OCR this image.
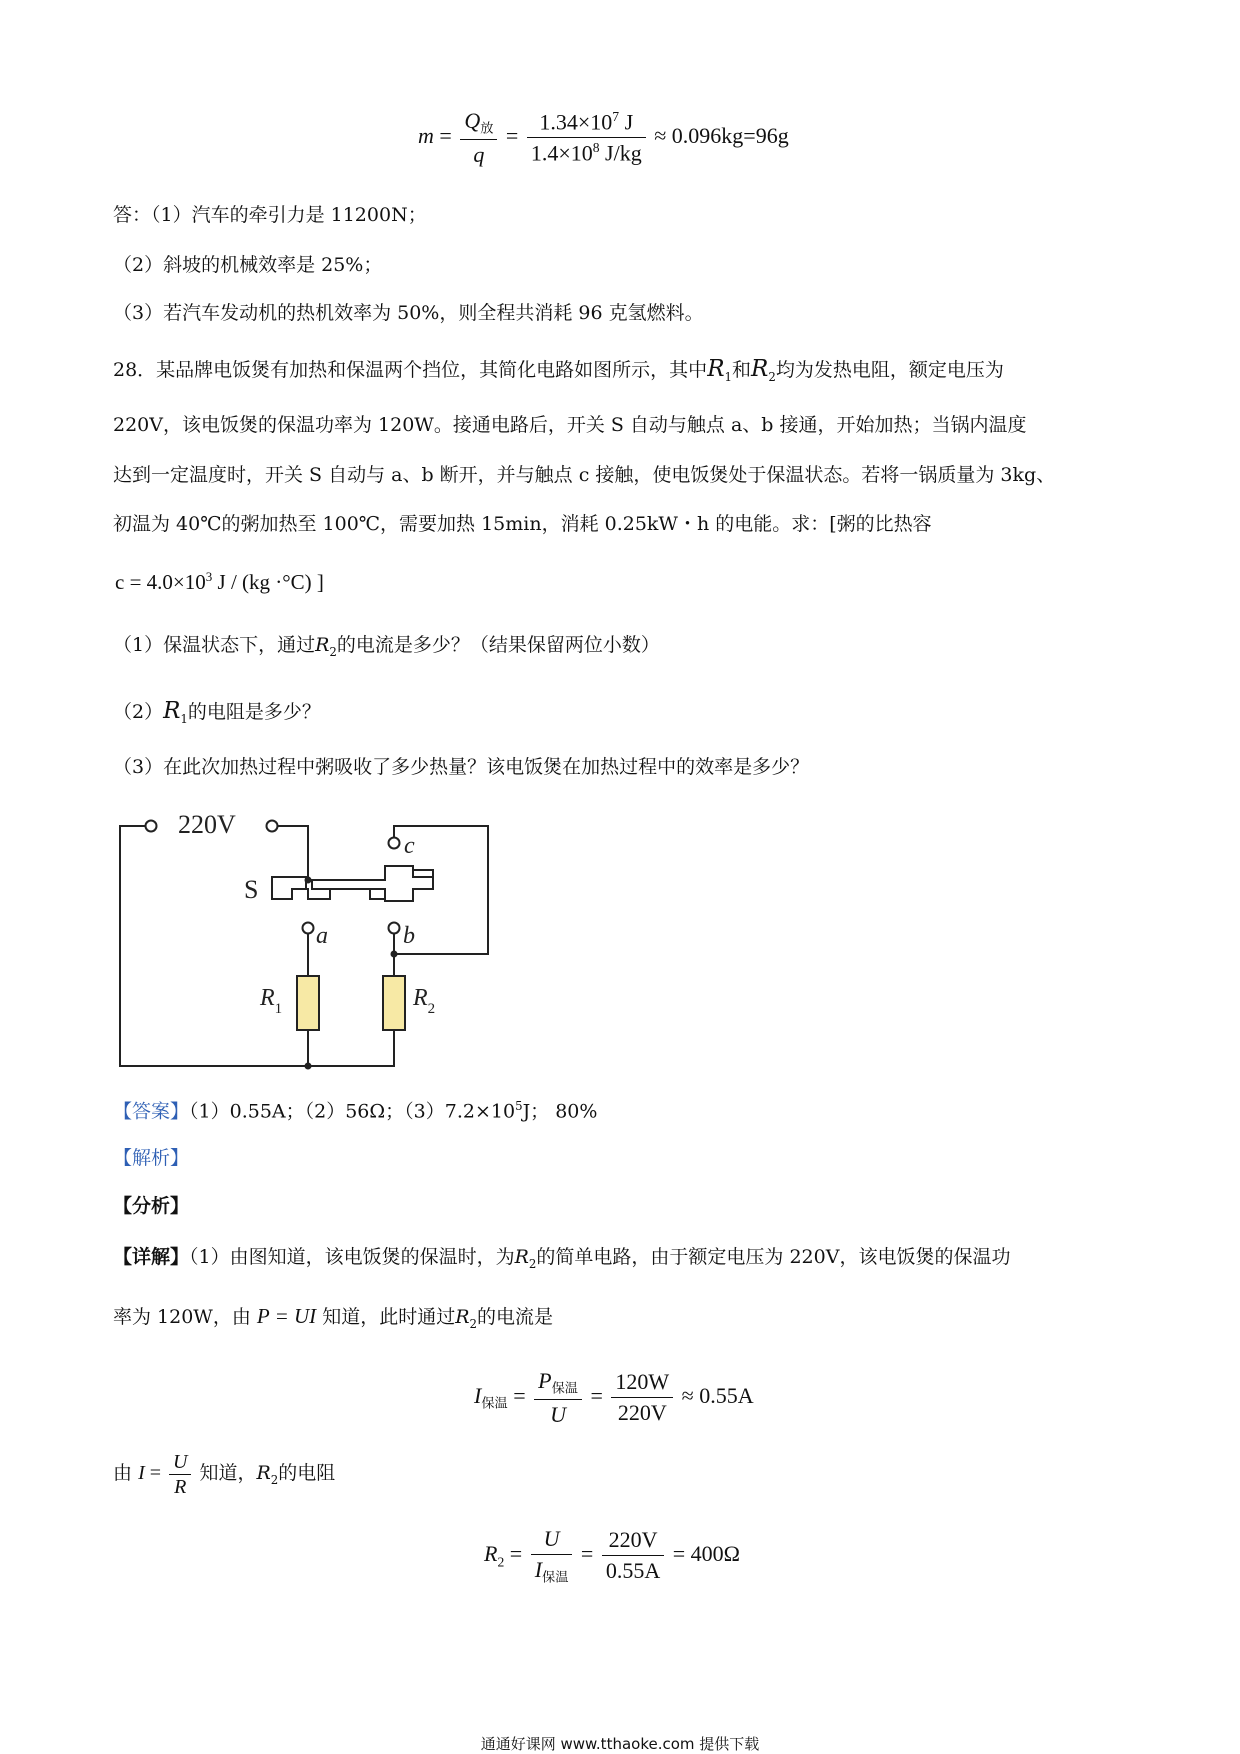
$m = \frac{Q_放}{q} = \frac{1.34\times 10^7 J}{1.4\times 10^8 J/kg} \approx 0.096kg=96g$
答：（1）汽车的牵引力是 11200N；
（2）斜坡的机械效率是 25%；
（3）若汽车发动机的热机效率为 50%，则全程共消耗 96 克氢燃料。
28．某品牌电饭煲有加热和保温两个挡位，其简化电路如图所示，其中$R_1$和$R_2$均为发热电阻，额定电压为
220V，该电饭煲的保温功率为 120W。接通电路后，开关 S 自动与触点 a、b 接通，开始加热；当锅内温度
达到一定温度时，开关 S 自动与 a、b 断开，并与触点 c 接触，使电饭煲处于保温状态。若将一锅质量为 3kg、
初温为 40℃的粥加热至 100℃，需要加热 15min，消耗 0.25kW・h 的电能。求：[粥的比热容
$c = 4.0\times 10^3$ J / (kg ·°C) ]
（1）保温状态下，通过$R_2$的电流是多少？（结果保留两位小数）
$(2)R_1$的电阻是多少？
（3）在此次加热过程中粥吸收了多少热量？该电饭煲在加热过程中的效率是多少？
220V
S
c
a	b
$R_1$	$R_2$
【答案】（1）0.55A；（2）56Ω；$(3)7.2\times 10^5J$； 80%
【解析】
【分析】
【详解】（1）由图知道，该电饭煲的保温时，为$R_2$的简单电路，由于额定电压为 220V，该电饭煲的保温功
率为 120W，由 P = UI 知道，此时通过$R_2$的电流是
$I_{保温} = \frac{P_{保温}}{U} = \frac{120W}{220V} \approx 0.55A$
由 $I = \frac{U}{R}$ 知道，$R_2$的电阻
$R_2 = \frac{U}{I_{保温}} = \frac{220V}{0.55A} = 400\Omega$
通通好课网 www.tthaoke.com 提供下载
